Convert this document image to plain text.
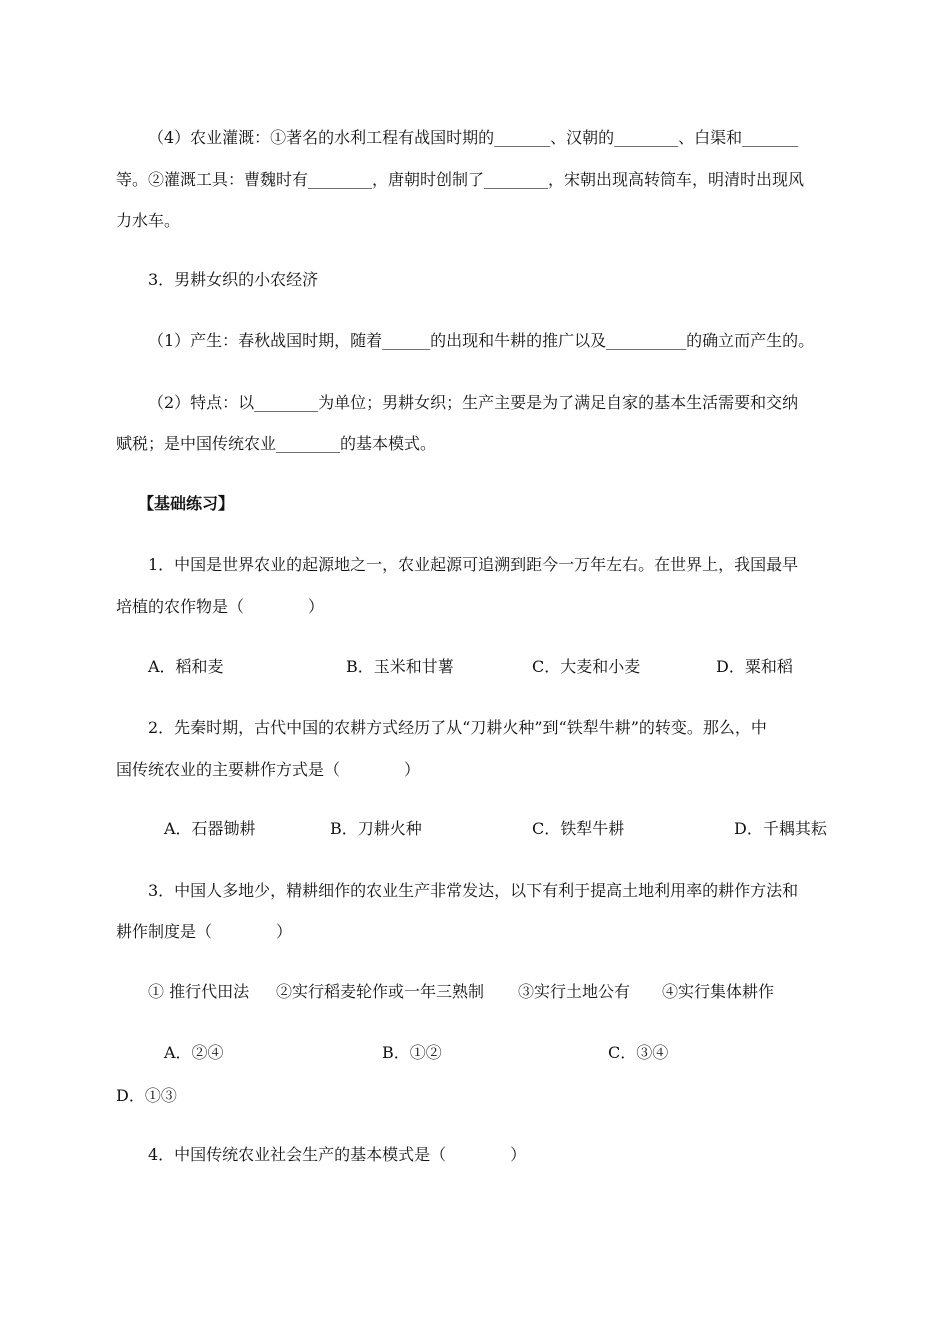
（4）农业灌溉：①著名的水利工程有战国时期的_______、汉朝的________、白渠和_______
等。②灌溉工具：曹魏时有________，唐朝时创制了________，宋朝出现高转筒车，明清时出现风
力水车。
3．男耕女织的小农经济
（1）产生：春秋战国时期，随着______的出现和牛耕的推广以及__________的确立而产生的。
（2）特点：以________为单位；男耕女织；生产主要是为了满足自家的基本生活需要和交纳
赋税；是中国传统农业________的基本模式。
【基础练习】
1．中国是世界农业的起源地之一，农业起源可追溯到距今一万年左右。在世界上，我国最早
培植的农作物是（　　　　）
A．稻和麦	B．玉米和甘薯	C．大麦和小麦	D．粟和稻
2．先秦时期，古代中国的农耕方式经历了从“刀耕火种”到“铁犁牛耕”的转变。那么，中
国传统农业的主要耕作方式是（　　　　）
A．石器锄耕	B．刀耕火种	C．铁犁牛耕	D．千耦其耘
3．中国人多地少，精耕细作的农业生产非常发达，以下有利于提高土地利用率的耕作方法和
耕作制度是（　　　　）
① 推行代田法 ②实行稻麦轮作或一年三熟制 ③实行土地公有 ④实行集体耕作
A．②④	B．①②	C．③④
D．①③
4．中国传统农业社会生产的基本模式是（　　　　）
